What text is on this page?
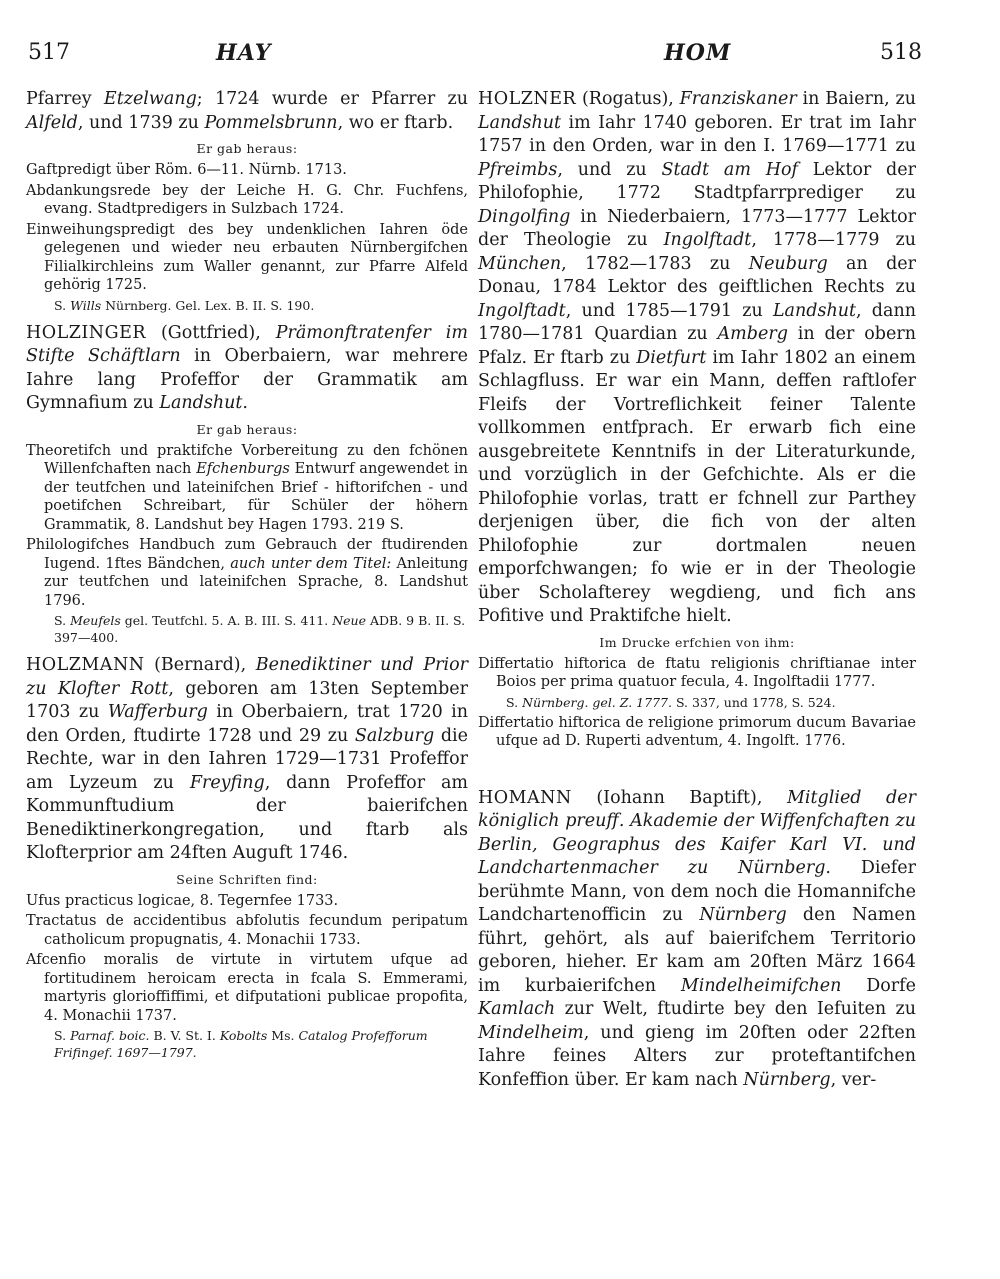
517	HAY	HOM	518

Pfarrey Etzelwang; 1724 wurde er Pfarrer zu Alfeld, und 1739 zu Pommelsbrunn, wo er ftarb.

Er gab heraus:

Gaftpredigt über Röm. 6—11. Nürnb. 1713.

Abdankungsrede bey der Leiche H. G. Chr. Fuchfens, evang. Stadtpredigers in Sulzbach 1724.

Einweihungspredigt des bey undenklichen Iahren öde gelegenen und wieder neu erbauten Nürnbergifchen Filialkirchleins zum Waller genannt, zur Pfarre Alfeld gehörig 1725.

S. Wills Nürnberg. Gel. Lex. B. II. S. 190.

HOLZINGER (Gottfried), Prämonftratenfer im Stifte Schäftlarn in Oberbaiern, war mehrere Iahre lang Profeffor der Grammatik am Gymnafium zu Landshut.

Er gab heraus:

Theoretifch und praktifche Vorbereitung zu den fchönen Willenfchaften nach Efchenburgs Entwurf angewendet in der teutfchen und lateinifchen Brief - hiftorifchen - und poetifchen Schreibart, für Schüler der höhern Grammatik, 8. Landshut bey Hagen 1793. 219 S.

Philologifches Handbuch zum Gebrauch der ftudirenden Iugend. 1ftes Bändchen, auch unter dem Titel: Anleitung zur teutfchen und lateinifchen Sprache, 8. Landshut 1796.

S. Meufels gel. Teutfchl. 5. A. B. III. S. 411. Neue ADB. 9 B. II. S. 397—400.

HOLZMANN (Bernard), Benediktiner und Prior zu Klofter Rott, geboren am 13ten September 1703 zu Wafferburg in Oberbaiern, trat 1720 in den Orden, ftudirte 1728 und 29 zu Salzburg die Rechte, war in den Iahren 1729—1731 Profeffor am Lyzeum zu Freyfing, dann Profeffor am Kommunftudium der baierifchen Benediktinerkongregation, und ftarb als Klofterprior am 24ften Auguft 1746.

Seine Schriften find:

Ufus practicus logicae, 8. Tegernfee 1733.

Tractatus de accidentibus abfolutis fecundum peripatum catholicum propugnatis, 4. Monachii 1733.

Afcenfio moralis de virtute in virtutem ufque ad fortitudinem heroicam erecta in fcala S. Emmerami, martyris glorioffiffimi, et difputationi publicae propofita, 4. Monachii 1737.

S. Parnaf. boic. B. V. St. I. Kobolts Ms. Catalog Profefforum Frifingef. 1697—1797.

HOLZNER (Rogatus), Franziskaner in Baiern, zu Landshut im Iahr 1740 geboren. Er trat im Iahr 1757 in den Orden, war in den I. 1769—1771 zu Pfreimbs, und zu Stadt am Hof Lektor der Philofophie, 1772 Stadtpfarrprediger zu Dingolfing in Niederbaiern, 1773—1777 Lektor der Theologie zu Ingolftadt, 1778—1779 zu München, 1782—1783 zu Neuburg an der Donau, 1784 Lektor des geiftlichen Rechts zu Ingolftadt, und 1785—1791 zu Landshut, dann 1780—1781 Quardian zu Amberg in der obern Pfalz. Er ftarb zu Dietfurt im Iahr 1802 an einem Schlagfluss. Er war ein Mann, deffen raftlofer Fleifs der Vortreflichkeit feiner Talente vollkommen entfprach. Er erwarb fich eine ausgebreitete Kenntnifs in der Literaturkunde, und vorzüglich in der Gefchichte. Als er die Philofophie vorlas, tratt er fchnell zur Parthey derjenigen über, die fich von der alten Philofophie zur dortmalen neuen emporfchwangen; fo wie er in der Theologie über Scholafterey wegdieng, und fich ans Pofitive und Praktifche hielt.

Im Drucke erfchien von ihm:

Differtatio hiftorica de ftatu religionis chriftianae inter Boios per prima quatuor fecula, 4. Ingolftadii 1777.

S. Nürnberg. gel. Z. 1777. S. 337, und 1778, S. 524.

Differtatio hiftorica de religione primorum ducum Bavariae ufque ad D. Ruperti adventum, 4. Ingolft. 1776.

HOMANN (Iohann Baptift), Mitglied der königlich preuff. Akademie der Wiffenfchaften zu Berlin, Geographus des Kaifer Karl VI. und Landchartenmacher zu Nürnberg. Diefer berühmte Mann, von dem noch die Homannifche Landchartenofficin zu Nürnberg den Namen führt, gehört, als auf baierifchem Territorio geboren, hieher. Er kam am 20ften März 1664 im kurbaierifchen Mindelheimifchen Dorfe Kamlach zur Welt, ftudirte bey den Iefuiten zu Mindelheim, und gieng im 20ften oder 22ften Iahre feines Alters zur proteftantifchen Konfeffion über. Er kam nach Nürnberg, ver-
